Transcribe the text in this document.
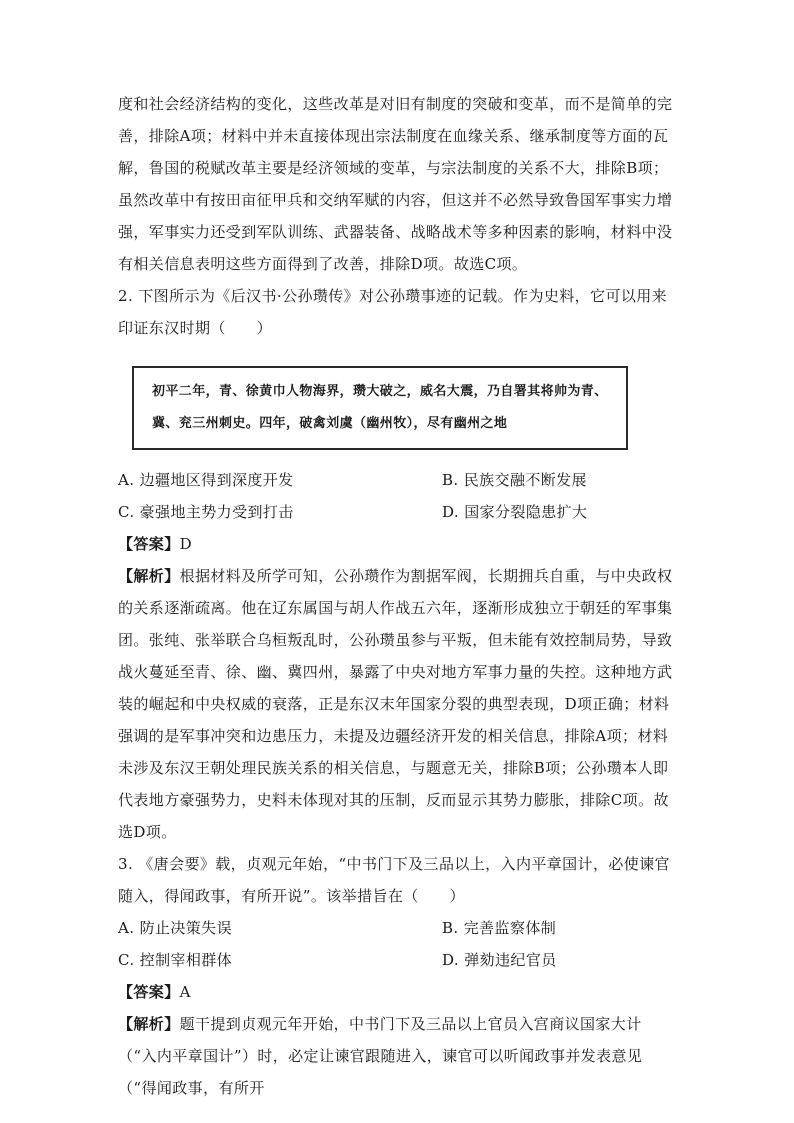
度和社会经济结构的变化，这些改革是对旧有制度的突破和变革，而不是简单的完善，排除A项；材料中并未直接体现出宗法制度在血缘关系、继承制度等方面的瓦解，鲁国的税赋改革主要是经济领域的变革，与宗法制度的关系不大，排除B项；虽然改革中有按田亩征甲兵和交纳军赋的内容，但这并不必然导致鲁国军事实力增强，军事实力还受到军队训练、武器装备、战略战术等多种因素的影响，材料中没有相关信息表明这些方面得到了改善，排除D项。故选C项。

2. 下图所示为《后汉书·公孙瓒传》对公孙瓒事迹的记载。作为史料，它可以用来印证东汉时期（　　）

初平二年，青、徐黄巾人物海界，瓒大破之，威名大震，乃自署其将帅为青、冀、兖三州刺史。四年，破禽刘虞（幽州牧），尽有幽州之地
A. 边疆地区得到深度开发	B. 民族交融不断发展
C. 豪强地主势力受到打击	D. 国家分裂隐患扩大
【答案】D

【解析】根据材料及所学可知，公孙瓒作为割据军阀，长期拥兵自重，与中央政权的关系逐渐疏离。他在辽东属国与胡人作战五六年，逐渐形成独立于朝廷的军事集团。张纯、张举联合乌桓叛乱时，公孙瓒虽参与平叛，但未能有效控制局势，导致战火蔓延至青、徐、幽、冀四州，暴露了中央对地方军事力量的失控。这种地方武装的崛起和中央权威的衰落，正是东汉末年国家分裂的典型表现，D项正确；材料强调的是军事冲突和边患压力，未提及边疆经济开发的相关信息，排除A项；材料未涉及东汉王朝处理民族关系的相关信息，与题意无关，排除B项；公孙瓒本人即代表地方豪强势力，史料未体现对其的压制，反而显示其势力膨胀，排除C项。故选D项。

3. 《唐会要》载，贞观元年始，“中书门下及三品以上，入内平章国计，必使谏官随入，得闻政事，有所开说”。该举措旨在（　　）

A. 防止决策失误	B. 完善监察体制
C. 控制宰相群体	D. 弹劾违纪官员
【答案】A

【解析】题干提到贞观元年开始，中书门下及三品以上官员入宫商议国家大计（“入内平章国计”）时，必定让谏官跟随进入，谏官可以听闻政事并发表意见（“得闻政事，有所开
